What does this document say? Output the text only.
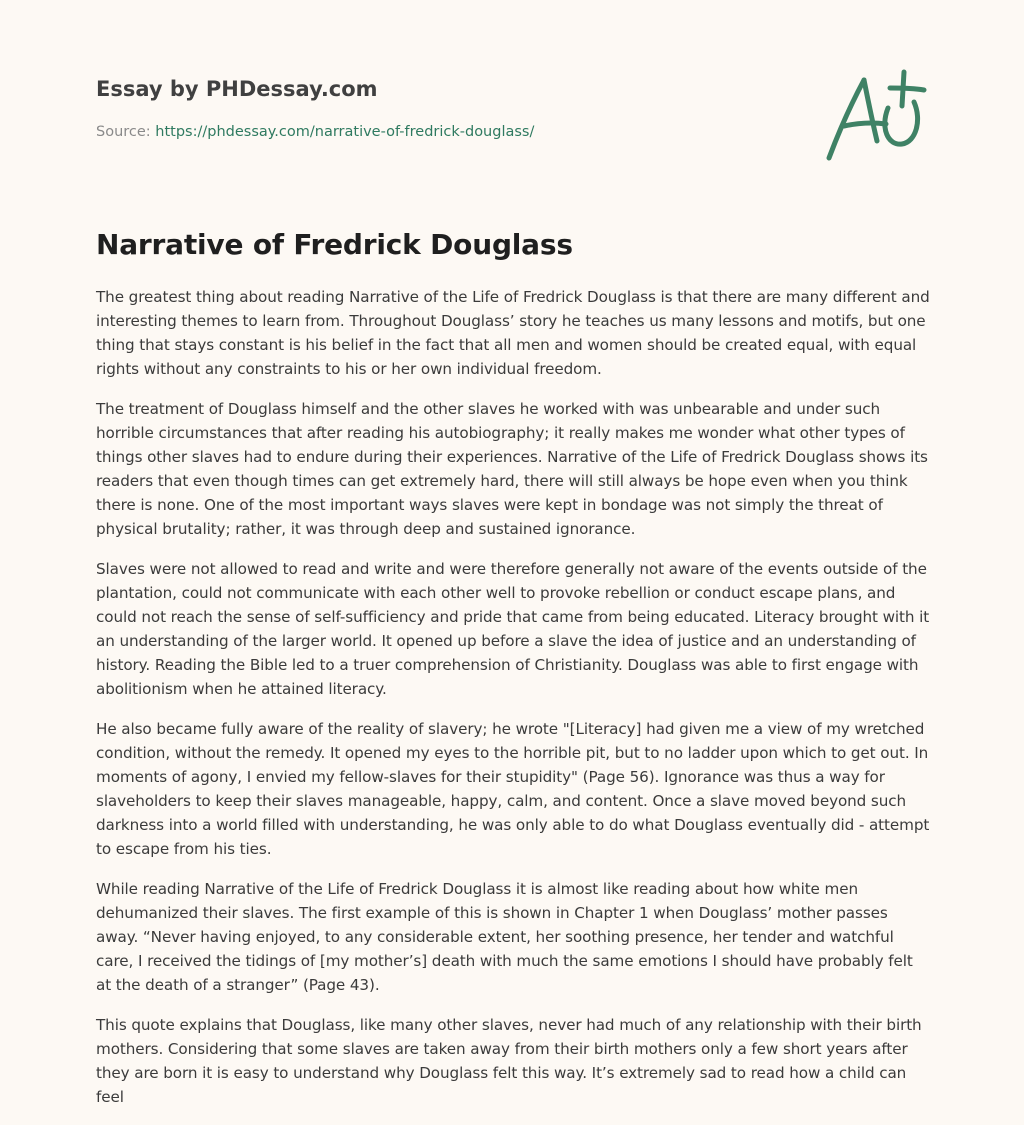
Essay by PHDessay.com
Source: https://phdessay.com/narrative-of-fredrick-douglass/
Narrative of Fredrick Douglass

The greatest thing about reading Narrative of the Life of Fredrick Douglass is that there are many different and interesting themes to learn from. Throughout Douglass’ story he teaches us many lessons and motifs, but one thing that stays constant is his belief in the fact that all men and women should be created equal, with equal rights without any constraints to his or her own individual freedom.

The treatment of Douglass himself and the other slaves he worked with was unbearable and under such horrible circumstances that after reading his autobiography; it really makes me wonder what other types of things other slaves had to endure during their experiences. Narrative of the Life of Fredrick Douglass shows its readers that even though times can get extremely hard, there will still always be hope even when you think there is none. One of the most important ways slaves were kept in bondage was not simply the threat of physical brutality; rather, it was through deep and sustained ignorance.

Slaves were not allowed to read and write and were therefore generally not aware of the events outside of the plantation, could not communicate with each other well to provoke rebellion or conduct escape plans, and could not reach the sense of self-sufficiency and pride that came from being educated. Literacy brought with it an understanding of the larger world. It opened up before a slave the idea of justice and an understanding of history. Reading the Bible led to a truer comprehension of Christianity. Douglass was able to first engage with abolitionism when he attained literacy.

He also became fully aware of the reality of slavery; he wrote "[Literacy] had given me a view of my wretched condition, without the remedy. It opened my eyes to the horrible pit, but to no ladder upon which to get out. In moments of agony, I envied my fellow-slaves for their stupidity" (Page 56). Ignorance was thus a way for slaveholders to keep their slaves manageable, happy, calm, and content. Once a slave moved beyond such darkness into a world filled with understanding, he was only able to do what Douglass eventually did - attempt to escape from his ties.

While reading Narrative of the Life of Fredrick Douglass it is almost like reading about how white men dehumanized their slaves. The first example of this is shown in Chapter 1 when Douglass’ mother passes away. “Never having enjoyed, to any considerable extent, her soothing presence, her tender and watchful care, I received the tidings of [my mother’s] death with much the same emotions I should have probably felt at the death of a stranger” (Page 43).

This quote explains that Douglass, like many other slaves, never had much of any relationship with their birth mothers. Considering that some slaves are taken away from their birth mothers only a few short years after they are born it is easy to understand why Douglass felt this way. It’s extremely sad to read how a child can feel
